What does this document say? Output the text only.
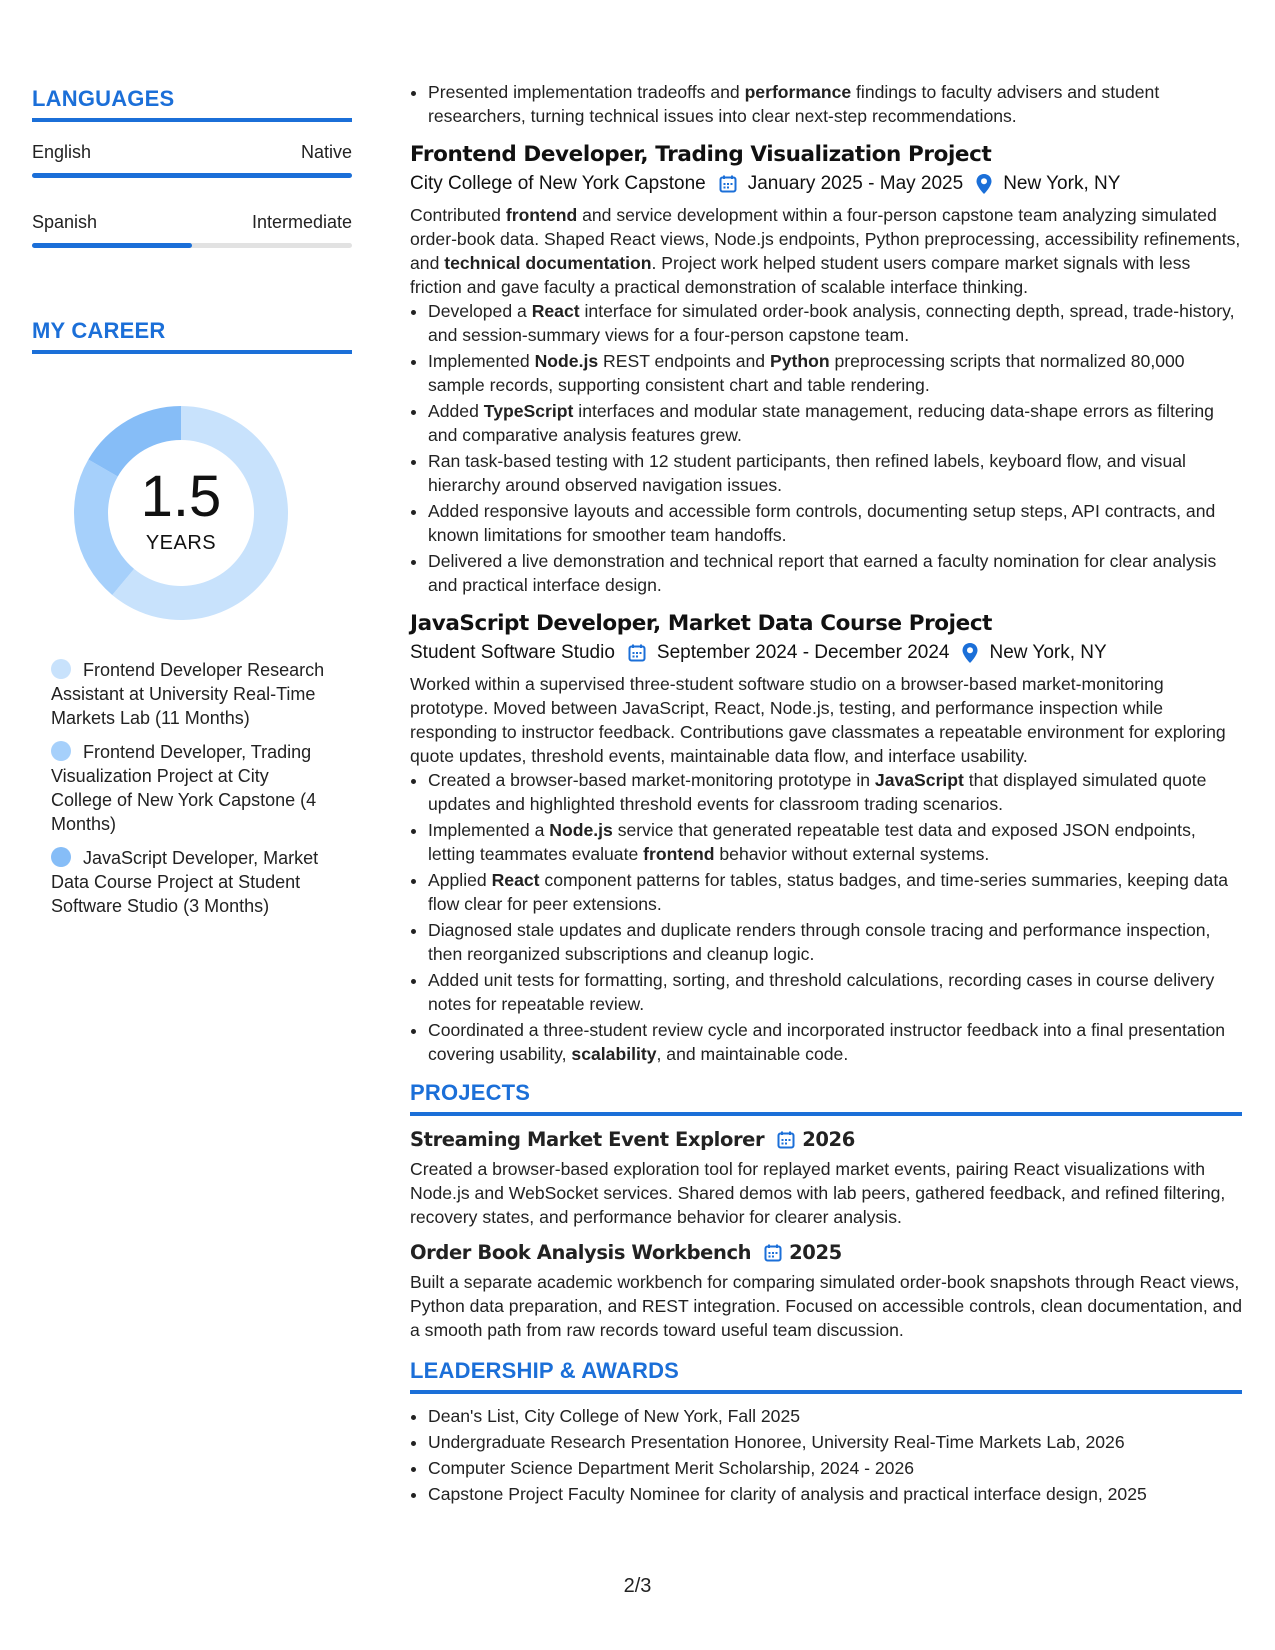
LANGUAGES
English	Native
Spanish	Intermediate
MY CAREER
1.5
YEARS
Frontend Developer Research Assistant at University Real-Time Markets Lab (11 Months)
Frontend Developer, Trading Visualization Project at City College of New York Capstone (4 Months)
JavaScript Developer, Market Data Course Project at Student Software Studio (3 Months)
• Presented implementation tradeoffs and performance findings to faculty advisers and student researchers, turning technical issues into clear next-step recommendations.
Frontend Developer, Trading Visualization Project
City College of New York Capstone January 2025 - May 2025 New York, NY
Contributed frontend and service development within a four-person capstone team analyzing simulated order-book data. Shaped React views, Node.js endpoints, Python preprocessing, accessibility refinements, and technical documentation. Project work helped student users compare market signals with less friction and gave faculty a practical demonstration of scalable interface thinking.
• Developed a React interface for simulated order-book analysis, connecting depth, spread, trade-history, and session-summary views for a four-person capstone team.
• Implemented Node.js REST endpoints and Python preprocessing scripts that normalized 80,000 sample records, supporting consistent chart and table rendering.
• Added TypeScript interfaces and modular state management, reducing data-shape errors as filtering and comparative analysis features grew.
• Ran task-based testing with 12 student participants, then refined labels, keyboard flow, and visual hierarchy around observed navigation issues.
• Added responsive layouts and accessible form controls, documenting setup steps, API contracts, and known limitations for smoother team handoffs.
• Delivered a live demonstration and technical report that earned a faculty nomination for clear analysis and practical interface design.
JavaScript Developer, Market Data Course Project
Student Software Studio September 2024 - December 2024 New York, NY
Worked within a supervised three-student software studio on a browser-based market-monitoring prototype. Moved between JavaScript, React, Node.js, testing, and performance inspection while responding to instructor feedback. Contributions gave classmates a repeatable environment for exploring quote updates, threshold events, maintainable data flow, and interface usability.
• Created a browser-based market-monitoring prototype in JavaScript that displayed simulated quote updates and highlighted threshold events for classroom trading scenarios.
• Implemented a Node.js service that generated repeatable test data and exposed JSON endpoints, letting teammates evaluate frontend behavior without external systems.
• Applied React component patterns for tables, status badges, and time-series summaries, keeping data flow clear for peer extensions.
• Diagnosed stale updates and duplicate renders through console tracing and performance inspection, then reorganized subscriptions and cleanup logic.
• Added unit tests for formatting, sorting, and threshold calculations, recording cases in course delivery notes for repeatable review.
• Coordinated a three-student review cycle and incorporated instructor feedback into a final presentation covering usability, scalability, and maintainable code.
PROJECTS
Streaming Market Event Explorer 2026
Created a browser-based exploration tool for replayed market events, pairing React visualizations with Node.js and WebSocket services. Shared demos with lab peers, gathered feedback, and refined filtering, recovery states, and performance behavior for clearer analysis.
Order Book Analysis Workbench 2025
Built a separate academic workbench for comparing simulated order-book snapshots through React views, Python data preparation, and REST integration. Focused on accessible controls, clean documentation, and a smooth path from raw records toward useful team discussion.
LEADERSHIP & AWARDS
• Dean's List, City College of New York, Fall 2025
• Undergraduate Research Presentation Honoree, University Real-Time Markets Lab, 2026
• Computer Science Department Merit Scholarship, 2024 - 2026
• Capstone Project Faculty Nominee for clarity of analysis and practical interface design, 2025
2/3
